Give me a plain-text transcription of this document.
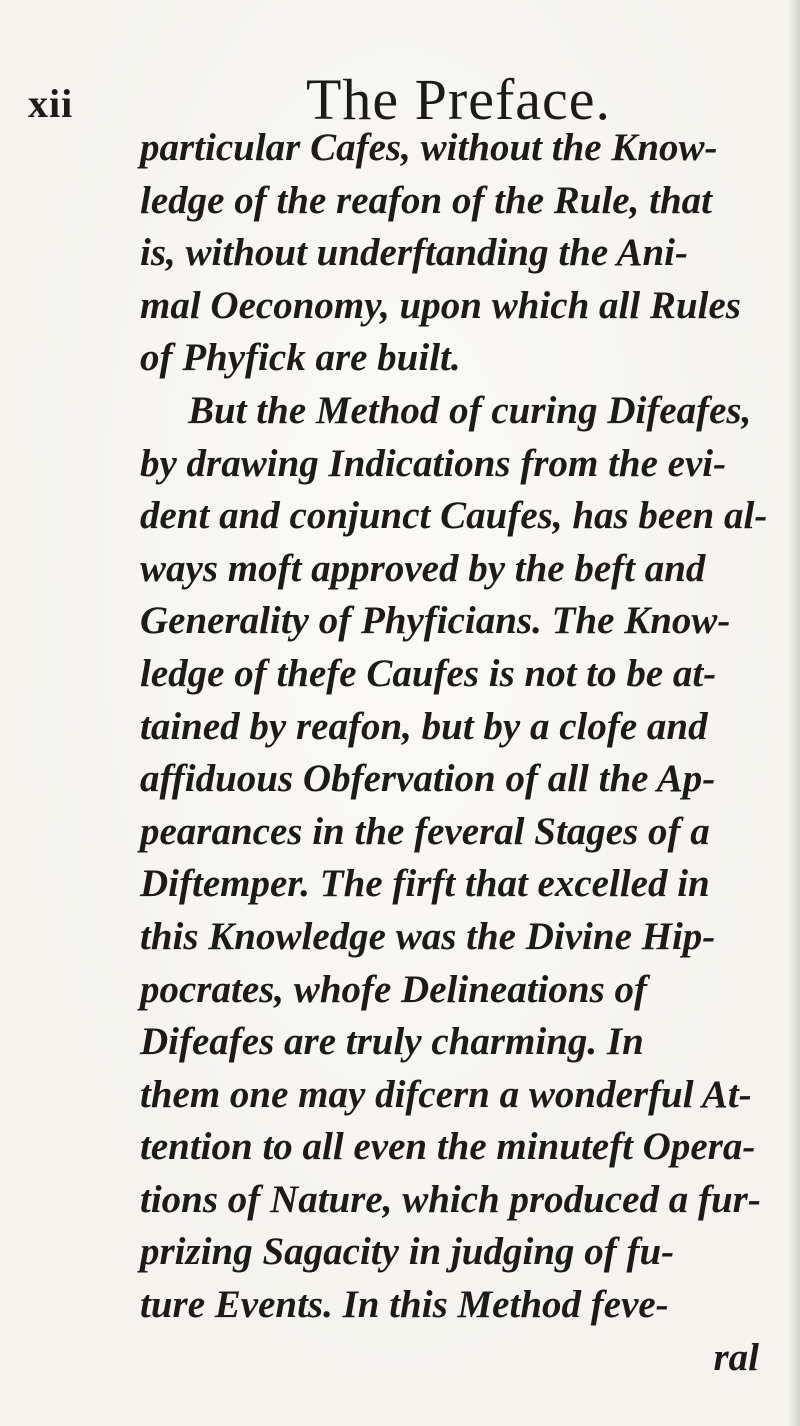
xii	The Preface.
particular Cafes, without the Know-
ledge of the reafon of the Rule, that
is, without underftanding the Ani-
mal Oeconomy, upon which all Rules
of Phyfick are built.
But the Method of curing Difeafes,
by drawing Indications from the evi-
dent and conjunct Caufes, has been al-
ways moft approved by the beft and
Generality of Phyficians. The Know-
ledge of thefe Caufes is not to be at-
tained by reafon, but by a clofe and
affiduous Obfervation of all the Ap-
pearances in the feveral Stages of a
Diftemper. The firft that excelled in
this Knowledge was the Divine Hip-
pocrates, whofe Delineations of
Difeafes are truly charming. In
them one may difcern a wonderful At-
tention to all even the minuteft Opera-
tions of Nature, which produced a fur-
prizing Sagacity in judging of fu-
ture Events. In this Method feve-
ral
